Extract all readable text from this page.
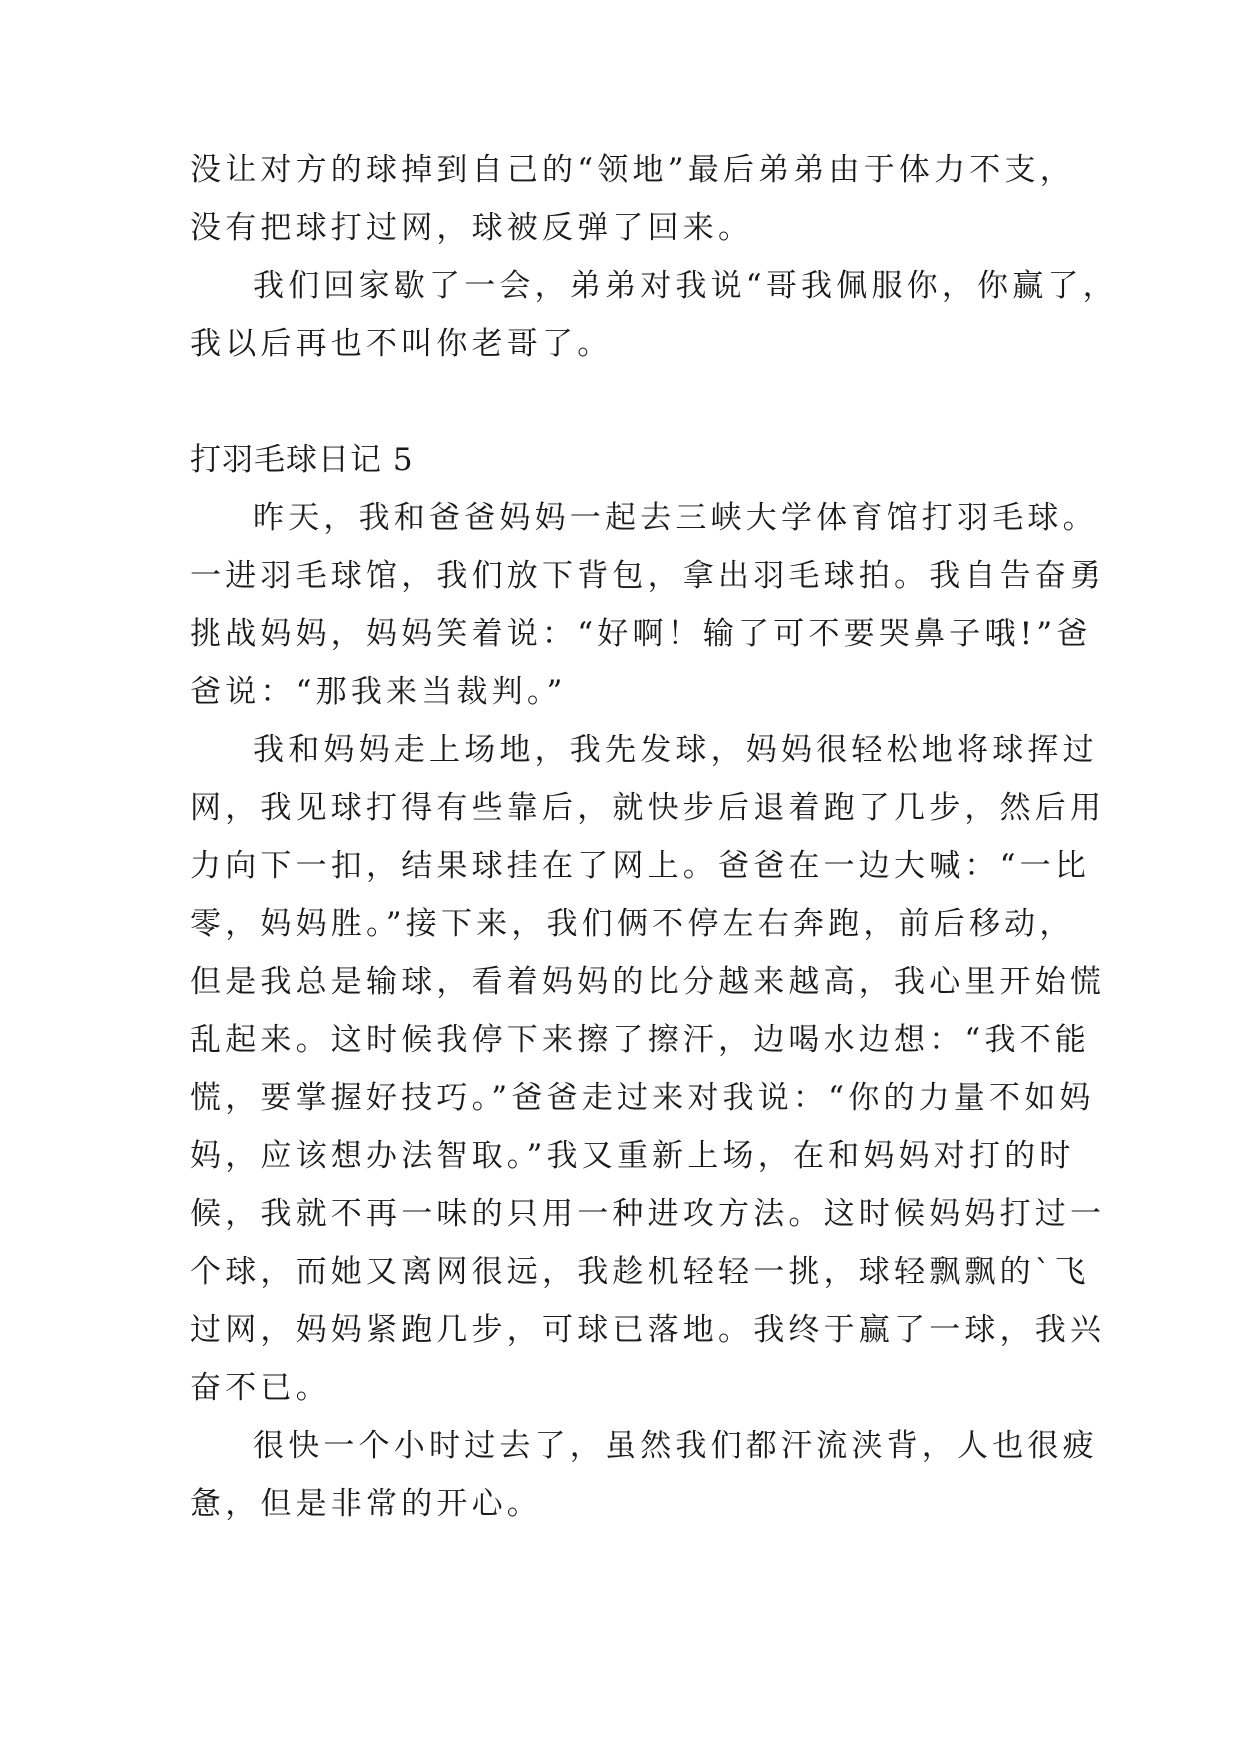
没让对方的球掉到自己的“领地”最后弟弟由于体力不支，
没有把球打过网，球被反弹了回来。
我们回家歇了一会，弟弟对我说“哥我佩服你，你赢了，
我以后再也不叫你老哥了。
打羽毛球日记 5
昨天，我和爸爸妈妈一起去三峡大学体育馆打羽毛球。
一进羽毛球馆，我们放下背包，拿出羽毛球拍。我自告奋勇
挑战妈妈，妈妈笑着说：“好啊！输了可不要哭鼻子哦!”爸
爸说：“那我来当裁判。”
我和妈妈走上场地，我先发球，妈妈很轻松地将球挥过
网，我见球打得有些靠后，就快步后退着跑了几步，然后用
力向下一扣，结果球挂在了网上。爸爸在一边大喊：“一比
零，妈妈胜。”接下来，我们俩不停左右奔跑，前后移动，
但是我总是输球，看着妈妈的比分越来越高，我心里开始慌
乱起来。这时候我停下来擦了擦汗，边喝水边想：“我不能
慌，要掌握好技巧。”爸爸走过来对我说：“你的力量不如妈
妈，应该想办法智取。”我又重新上场，在和妈妈对打的时
候，我就不再一味的只用一种进攻方法。这时候妈妈打过一
个球，而她又离网很远，我趁机轻轻一挑，球轻飘飘的`飞
过网，妈妈紧跑几步，可球已落地。我终于赢了一球，我兴
奋不已。
很快一个小时过去了，虽然我们都汗流浃背，人也很疲
惫，但是非常的开心。
